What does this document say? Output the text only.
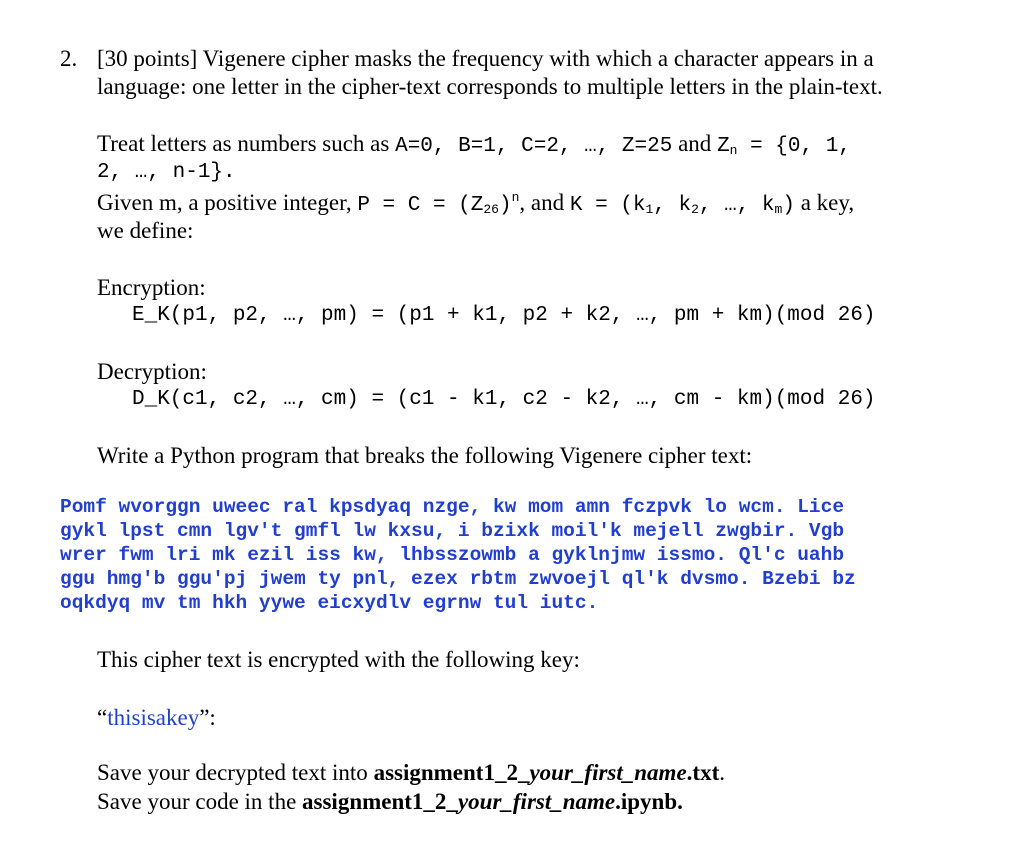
2. [30 points] Vigenere cipher masks the frequency with which a character appears in a
language: one letter in the cipher-text corresponds to multiple letters in the plain-text.
Treat letters as numbers such as A=0, B=1, C=2, …, Z=25 and $Z_n = \{0$, 1,
2, …, n-1}.
Given m, a positive integer, $P = C = (Z_{26})^n$, and $K = (k_1$, $k_2$, …, $k_m$) a key,
we define:
Encryption:
E_K(p1, p2, …, pm) = (p1 + k1, p2 + k2, …, pm + km)(mod 26)
Decryption:
D_K(c1, c2, …, cm) = (c1 - k1, c2 - k2, …, cm - km)(mod 26)
Write a Python program that breaks the following Vigenere cipher text:
Pomf wvorggn uweec ral kpsdyaq nzge, kw mom amn fczpvk lo wcm. Lice
gykl lpst cmn lgv't gmfl lw kxsu, i bzixk moil'k mejell zwgbir. Vgb
wrer fwm lri mk ezil iss kw, lhbsszowmb a gyklnjmw issmo. Ql'c uahb
ggu hmg'b ggu'pj jwem ty pnl, ezex rbtm zwvoejl ql'k dvsmo. Bzebi bz
oqkdyq mv tm hkh yywe eicxydlv egrnw tul iutc.
This cipher text is encrypted with the following key:
“thisisakey”:
Save your decrypted text into assignment1_2_your_first_name.txt.
Save your code in the assignment1_2_your_first_name.ipynb.
